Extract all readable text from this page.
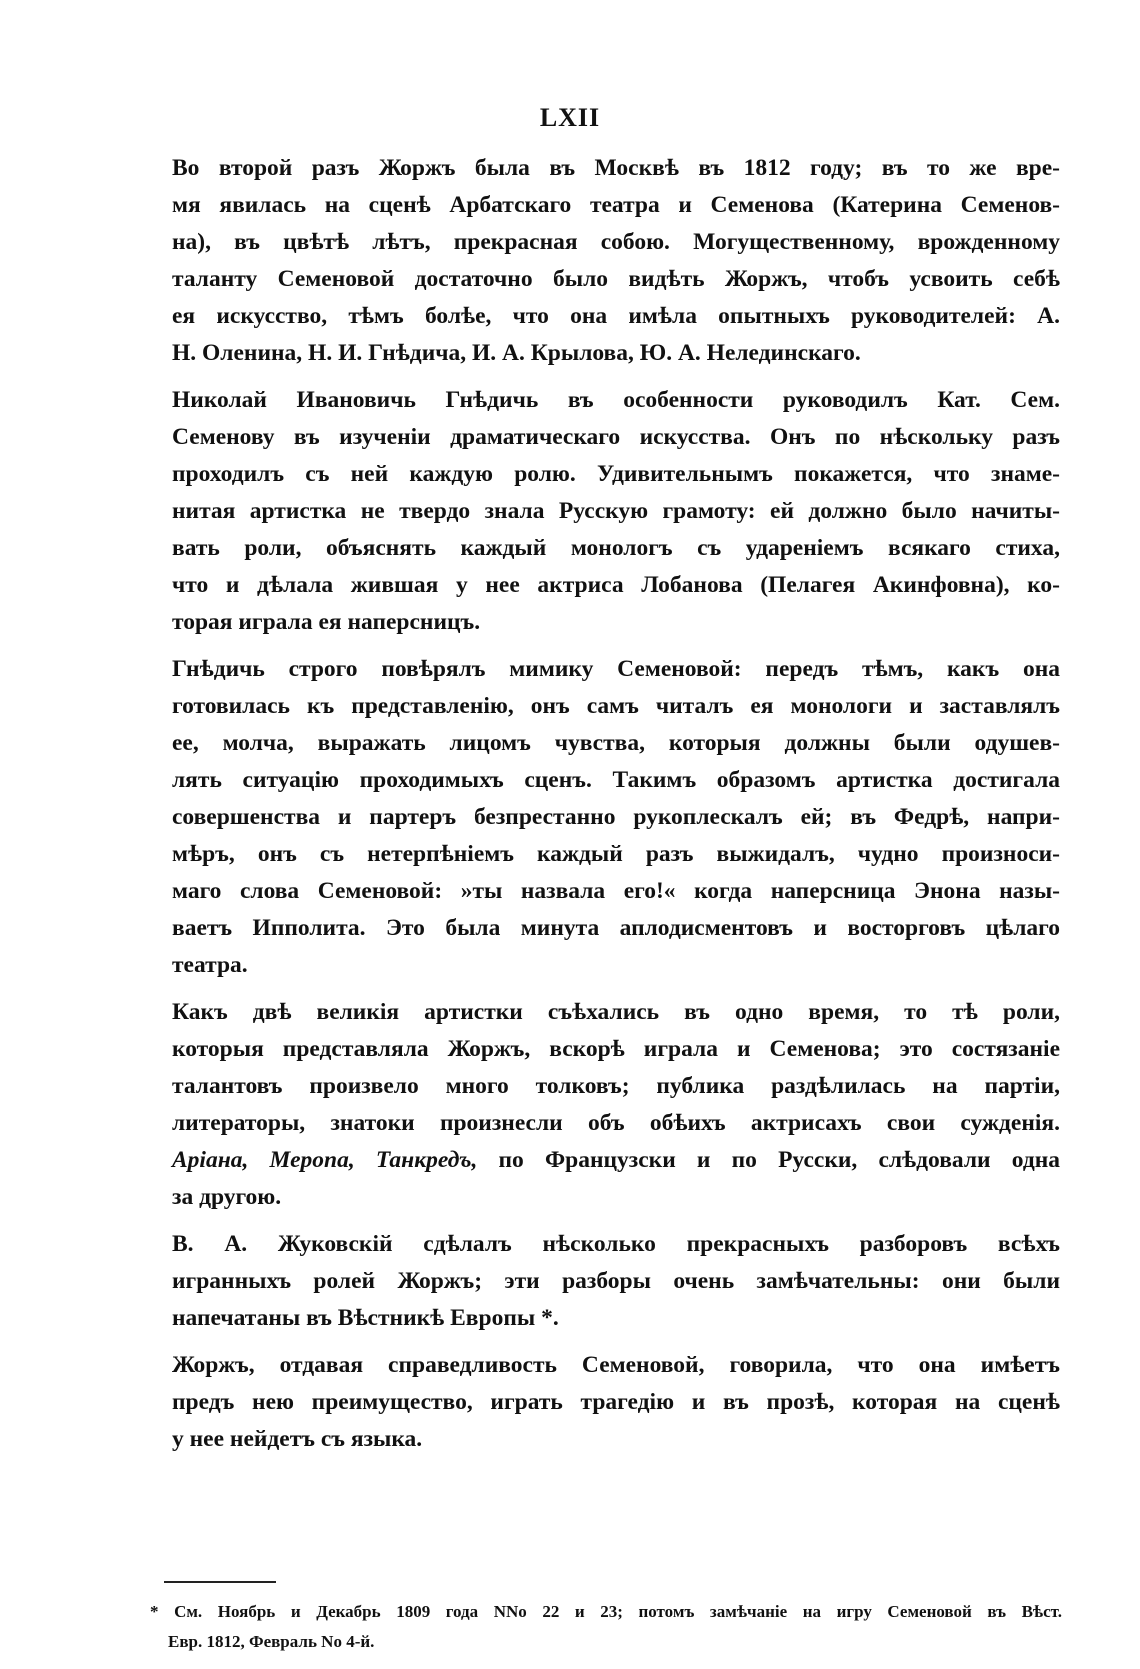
LXII

Во второй разъ Жоржъ была въ Москвѣ въ 1812 году; въ то же вре-
мя явилась на сценѣ Арбатскаго театра и Семенова (Катерина Семенов-
на), въ цвѣтѣ лѣтъ, прекрасная собою. Могущественному, врожденному
таланту Семеновой достаточно было видѣть Жоржъ, чтобъ усвоить себѣ
ея искусство, тѣмъ болѣе, что она имѣла опытныхъ руководителей: А.
Н. Оленина, Н. И. Гнѣдича, И. А. Крылова, Ю. А. Нелединскаго.

Николай Ивановичь Гнѣдичь въ особенности руководилъ Кат. Сем.
Семенову въ изученіи драматическаго искусства. Онъ по нѣскольку разъ
проходилъ съ ней каждую ролю. Удивительнымъ покажется, что знаме-
нитая артистка не твердо знала Русскую грамоту: ей должно было начиты-
вать роли, объяснять каждый монологъ съ удареніемъ всякаго стиха,
что и дѣлала жившая у нее актриса Лобанова (Пелагея Акинфовна), ко-
торая играла ея наперсницъ.

Гнѣдичь строго повѣрялъ мимику Семеновой: передъ тѣмъ, какъ она
готовилась къ представленію, онъ самъ читалъ ея монологи и заставлялъ
ее, молча, выражать лицомъ чувства, которыя должны были одушев-
лять ситуацію проходимыхъ сценъ. Такимъ образомъ артистка достигала
совершенства и партеръ безпрестанно рукоплескалъ ей; въ Федрѣ, напри-
мѣръ, онъ съ нетерпѣніемъ каждый разъ выжидалъ, чудно произноси-
маго слова Семеновой: »ты назвала его!« когда наперсница Энона назы-
ваетъ Ипполита. Это была минута аплодисментовъ и восторговъ цѣлаго
театра.

Какъ двѣ великія артистки съѣхались въ одно время, то тѣ роли,
которыя представляла Жоржъ, вскорѣ играла и Семенова; это состязаніе
талантовъ произвело много толковъ; публика раздѣлилась на партіи,
литераторы, знатоки произнесли объ обѣихъ актрисахъ свои сужденія.
Аріана, Меропа, Танкредъ, по Французски и по Русски, слѣдовали одна
за другою.

В. А. Жуковскій сдѣлалъ нѣсколько прекрасныхъ разборовъ всѣхъ
игранныхъ ролей Жоржъ; эти разборы очень замѣчательны: они были
напечатаны въ Вѣстникѣ Европы *.

Жоржъ, отдавая справедливость Семеновой, говорила, что она имѣетъ
предъ нею преимущество, играть трагедію и въ прозѣ, которая на сценѣ
у нее нейдетъ съ языка.

* См. Ноябрь и Декабрь 1809 года NNo 22 и 23; потомъ замѣчаніе на игру Семеновой въ Вѣст.
Евр. 1812, Февраль No 4-й.
